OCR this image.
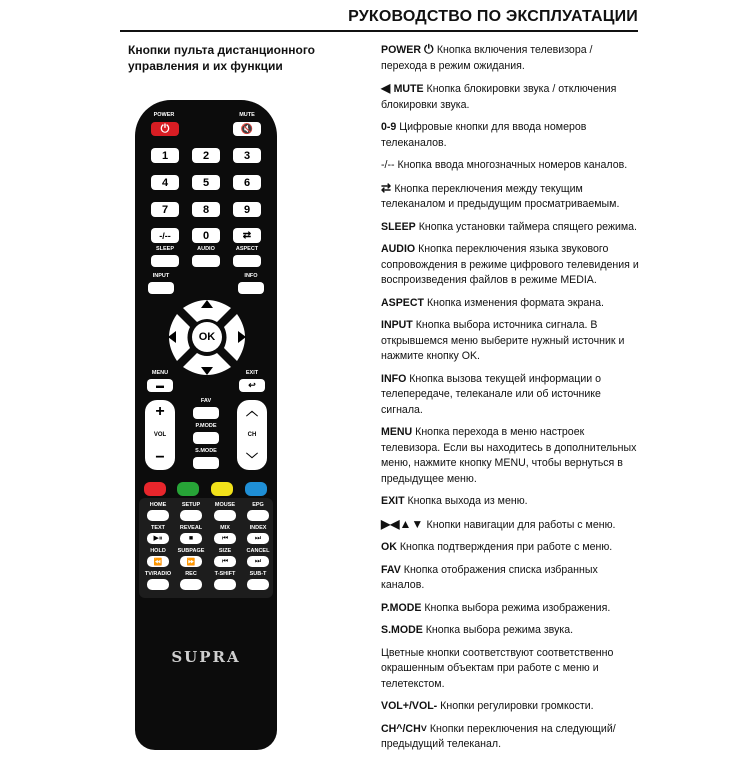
РУКОВОДСТВО ПО ЭКСПЛУАТАЦИИ
Кнопки пульта дистанционного управления и их функции
POWER	MUTE
⏻	🔇
1	2	3
4	5	6
7	8	9
-/--	0	⇄
SLEEP	AUDIO	ASPECT
INPUT	INFO
OK
MENU	EXIT
▬	↩
+
VOL
−
FAV
P.MODE
S.MODE
︿
CH
﹀
HOME	SETUP	MOUSE	EPG
TEXT	REVEAL	MIX	INDEX
▶⏸	■	⏮	⏭
HOLD SUBPAGE	SIZE	CANCEL
⏪	⏩	⏮	⏭
TV/RADIO	REC	T-SHIFT	SUB-T
SUPRA
POWER ⏻ Кнопка включения телевизора / перехода в режим ожидания.
◀ MUTE Кнопка блокировки звука / отключения блокировки звука.
0-9 Цифровые кнопки для ввода номеров телеканалов.
-/-- Кнопка ввода многозначных номеров каналов.
⇄ Кнопка переключения между текущим телеканалом и предыдущим просматриваемым.
SLEEP Кнопка установки таймера спящего режима.
AUDIO Кнопка переключения языка звукового сопровождения в режиме цифрового телевидения и воспроизведения файлов в режиме MEDIA.
ASPECT Кнопка изменения формата экрана.
INPUT Кнопка выбора источника сигнала. В открывшемся меню выберите нужный источник и нажмите кнопку OK.
INFO Кнопка вызова текущей информации о телепередаче, телеканале или об источнике сигнала.
MENU Кнопка перехода в меню настроек телевизора. Если вы находитесь в дополнительных меню, нажмите кнопку MENU, чтобы вернуться в предыдущее меню.
EXIT Кнопка выхода из меню.
▶◀▲▼ Кнопки навигации для работы с меню.
OK Кнопка подтверждения при работе с меню.
FAV Кнопка отображения списка избранных каналов.
P.MODE Кнопка выбора режима изображения.
S.MODE Кнопка выбора режима звука.
Цветные кнопки соответствуют соответственно окрашенным объектам при работе с меню и телетекстом.
VOL+/VOL- Кнопки регулировки громкости.
CH^/CH˅ Кнопки переключения на следующий/предыдущий телеканал.
